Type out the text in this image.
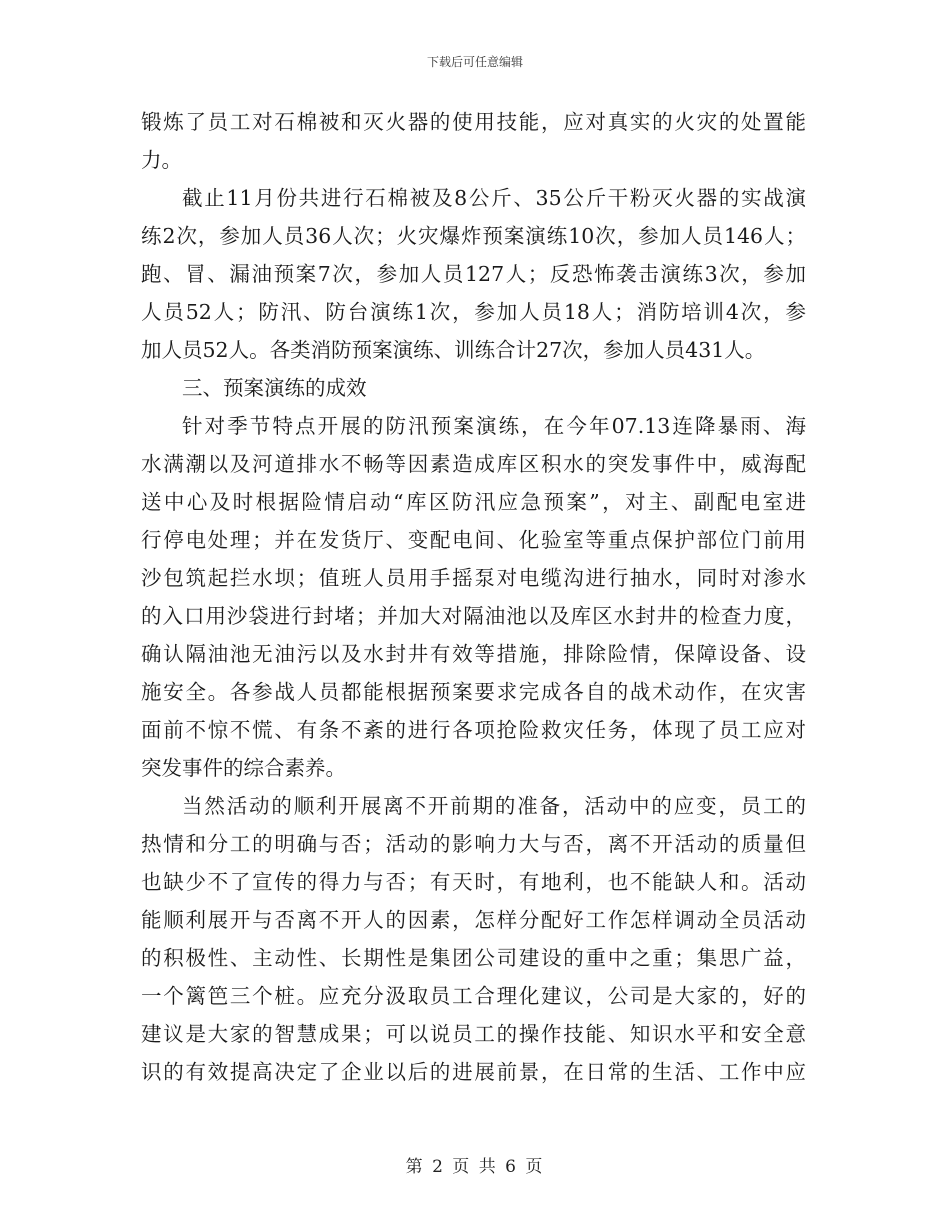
下载后可任意编辑

锻炼了员工对石棉被和灭火器的使用技能，应对真实的火灾的处置能
力。

截止11月份共进行石棉被及8公斤、35公斤干粉灭火器的实战演
练2次，参加人员36人次；火灾爆炸预案演练10次，参加人员146人；
跑、冒、漏油预案7次，参加人员127人；反恐怖袭击演练3次，参加
人员52人；防汛、防台演练1次，参加人员18人；消防培训4次，参
加人员52人。各类消防预案演练、训练合计27次，参加人员431人。

三、预案演练的成效

针对季节特点开展的防汛预案演练，在今年07.13连降暴雨、海
水满潮以及河道排水不畅等因素造成库区积水的突发事件中，威海配
送中心及时根据险情启动“库区防汛应急预案”，对主、副配电室进
行停电处理；并在发货厅、变配电间、化验室等重点保护部位门前用
沙包筑起拦水坝；值班人员用手摇泵对电缆沟进行抽水，同时对渗水
的入口用沙袋进行封堵；并加大对隔油池以及库区水封井的检查力度，
确认隔油池无油污以及水封井有效等措施，排除险情，保障设备、设
施安全。各参战人员都能根据预案要求完成各自的战术动作，在灾害
面前不惊不慌、有条不紊的进行各项抢险救灾任务，体现了员工应对
突发事件的综合素养。

当然活动的顺利开展离不开前期的准备，活动中的应变，员工的
热情和分工的明确与否；活动的影响力大与否，离不开活动的质量但
也缺少不了宣传的得力与否；有天时，有地利，也不能缺人和。活动
能顺利展开与否离不开人的因素，怎样分配好工作怎样调动全员活动
的积极性、主动性、长期性是集团公司建设的重中之重；集思广益，
一个篱笆三个桩。应充分汲取员工合理化建议，公司是大家的，好的
建议是大家的智慧成果；可以说员工的操作技能、知识水平和安全意
识的有效提高决定了企业以后的进展前景，在日常的生活、工作中应

第 2 页 共 6 页
